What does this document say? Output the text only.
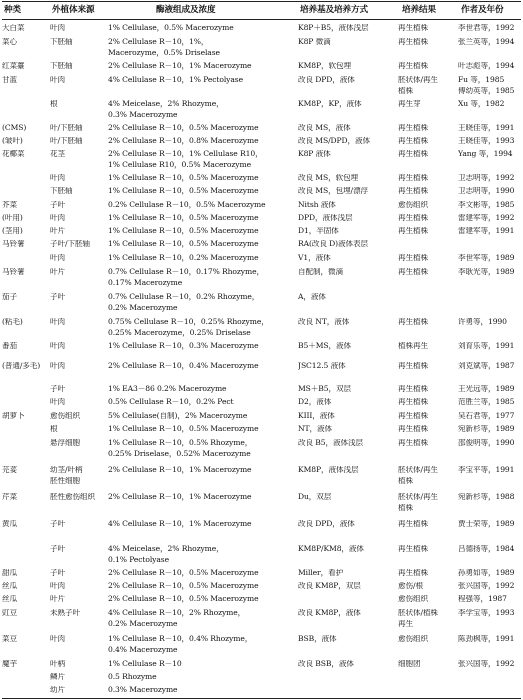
种类	外植体来源	酶液组成及浓度	培养基及培养方式	培养结果	作者及年份
大白菜	叶肉	1% Cellulase，0.5% Macerozyme	K8P＋B5，液体浅层	再生植株	李世君等，1992
菜心	下胚轴	2% Cellulase R－10，1%，	K8P 微滴	再生植株	张兰英等，1994
Macerozyme，0.5% Driselase
红菜薹	下胚轴	2% Cellulase R－10，1% Macerozyme	KM8P，软包埋	再生植株	叶志彪等，1994
甘蓝	叶肉	4% Cellulase R－10，1% Pectolyase	改良 DPD，液体	胚状体/再生	Fu 等，1985
植株	傅幼英等，1985
根	4% Meicelase，2% Rhozyme，	KM8P，KP，液体	再生芽	Xu 等，1982
0.3% Macerozyme
(CMS)	叶/下胚轴	2% Cellulase R－10，0.5% Macerozyme	改良 MS，液体	再生植株	王晓佳等，1991
(皱叶)	叶/下胚轴	2% Cellulase R－10，0.8% Macerozyme	改良 MS/DPD，液体	再生植株	王晓佳等，1993
花椰菜	花茎	2% Cellulase R－10，1% Cellulase R10，	K8P 液体	再生植株	Yang 等，1994
1% Cellulase R10，0.5% Macerozyme
叶肉	1% Cellulase R－10，0.5% Macerozyme	改良 MS，软包埋	再生植株	卫志明等，1992
下胚轴	1% Cellulase R－10，0.5% Macerozyme	改良 MS，包埋/漂浮	再生植株	卫志明等，1990
芥菜	子叶	0.2% Cellulase R－10，0.5% Macerozyme	Nitsh 液体	愈伤组织	李文彬等，1985
(叶用)	叶肉	1% Cellulase R－10，0.5% Macerozyme	DPD，液体浅层	再生植株	雷建军等，1992
(茎用)	叶片	1% Cellulase R－10，0.5% Macerozyme	D1，半固体	再生植株	雷建军等，1991
马铃薯	子叶/下胚轴	1% Cellulase R－10，0.5% Macerozyme	RA(改良 D)液体表层
叶肉	1% Cellulase R－10，0.2% Macerozyme	V1，液体	再生植株	李世军等，1989
马铃薯	叶片	0.7% Cellulase R－10，0.17% Rhozyme，	自配制，微滴	再生植株	李耿光等，1989
0.17% Macerozyme
茄子	子叶	0.7% Cellulase R－10，0.2% Rhozyme，	A，液体
0.2% Macerozyme
(粘毛)	叶肉	0.75% Cellulase R－10，0.25% Rhozyme，	改良 NT，液体	再生植株	许勇等，1990
0.25% Macerozyme，0.25% Driselase
番茄	叶肉	1% Cellulase R－10，0.3% Macerozyme	B5＋MS，液体	植株再生	刘育乐等，1991
(普通/多毛)	叶肉	2% Cellulase R－10，0.4% Macerozyme	JSC12.5 液体	再生植株	刘克斌等，1987
子叶	1% EA3－86 0.2% Macerozyme	MS＋B5，双层	再生植株	王光远等，1989
叶肉	0.5% Cellulase R－10，0.2% Pect	D2，液体	再生植株	范胜兰等，1985
胡萝卜	愈伤组织	5% Cellulase(自制)，2% Macerozyme	KIII，液体	再生植株	吴石君等，1977
根	1% Cellulase R－10，0.5% Macerozyme	NT，液体	再生植株	宛新杉等，1989
悬浮细胞	1% Cellulase R－10，0.5% Rhozyme，	改良 B5，液体浅层	再生植株	邵俊明等，1990
0.25% Driselase，0.52% Macerozyme
芫荽	幼茎/叶柄	2% Cellulase R－10，1% Macerozyme	KM8P，液体浅层	胚状体/再生	李宝平等，1991
胚性细胞	植株
芹菜	胚性愈伤组织	2% Cellulase R－10，1% Macerozyme	Du，双层	胚状体/再生	宛新杉等，1988
植株
黄瓜	子叶	4% Cellulase R－10，1% Macerozyme	改良 DPD，液体	再生植株	贾士荣等，1989
子叶	4% Meicelase，2% Rhozyme，	KM8P/KM8，液体	再生植株	吕德扬等，1984
0.1% Pectolyase
甜瓜	子叶	2% Cellulase R－10，0.5% Macerozyme	Miller，看护	再生植株	孙勇如等，1989
丝瓜	叶肉	2% Cellulase R－10，0.5% Macerozyme	改良 KM8P，双层	愈伤/根	张兴国等，1992
丝瓜	叶片	2% Cellulase R－10，0.5% Macerozyme	愈伤组织	程强等，1987
豇豆	未熟子叶	4% Cellulase R－10，2% Rhozyme，	改良 KM8P，液体	胚状体/植株	李学宝等，1993
0.2% Macerozyme	再生
菜豆	叶肉	1% Cellulase R－10，0.4% Rhozyme，	BSB，液体	愈伤组织	陈劲枫等，1991
0.4% Macerozyme
魔芋	叶柄	1% Cellulase R－10	改良 BSB，液体	细胞团	张兴国等，1992
鳞片	0.5 Rhozyme
幼片	0.3% Macerozyme
